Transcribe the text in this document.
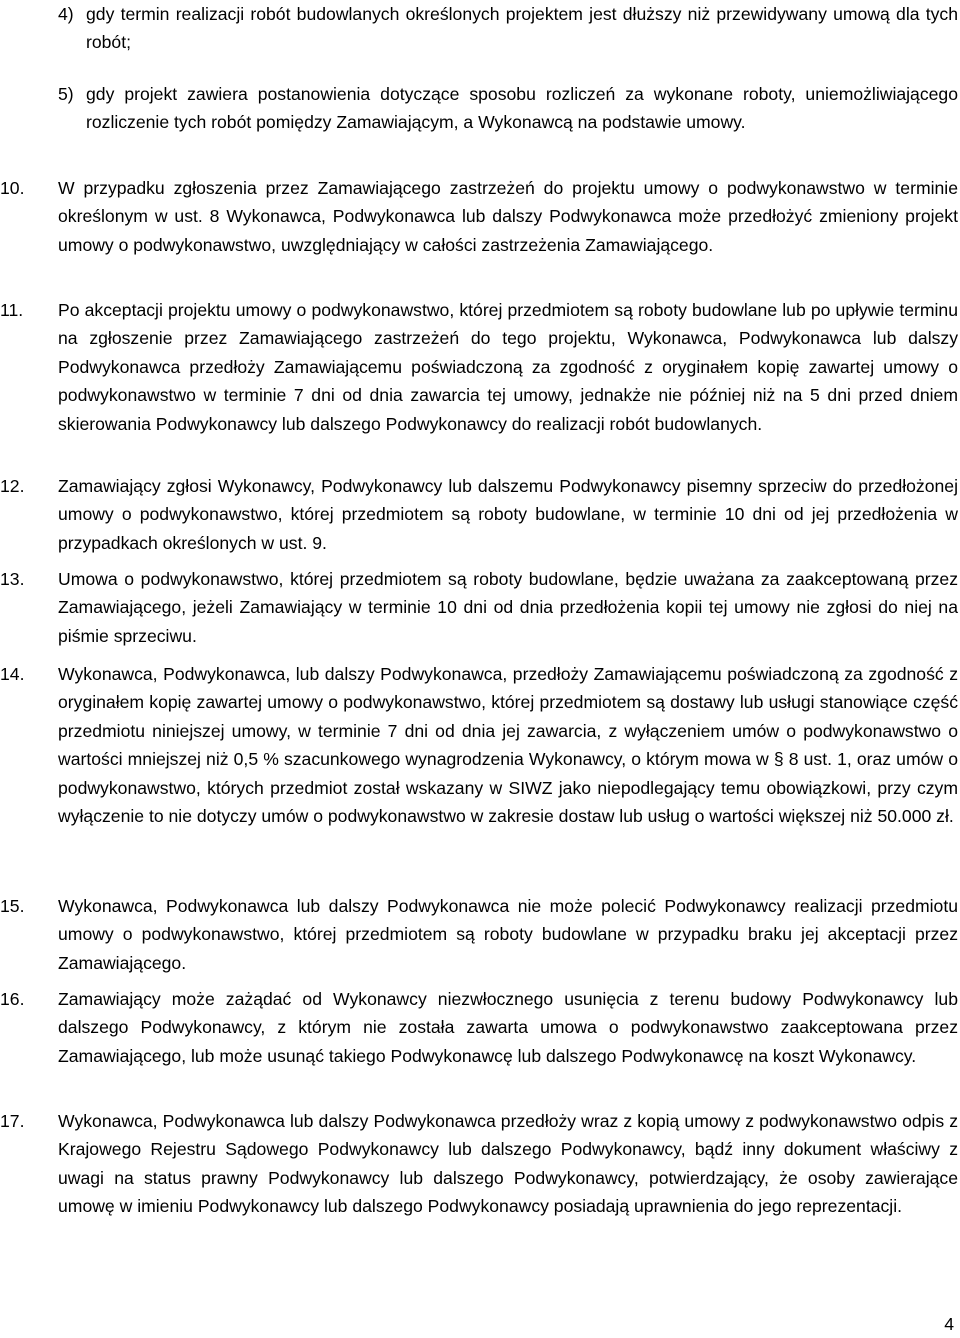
4) gdy termin realizacji robót budowlanych określonych projektem jest dłuższy niż przewidywany umową dla tych robót;
5) gdy projekt zawiera postanowienia dotyczące sposobu rozliczeń za wykonane roboty, uniemożliwiającego rozliczenie tych robót pomiędzy Zamawiającym, a Wykonawcą na podstawie umowy.
10.	W przypadku zgłoszenia przez Zamawiającego zastrzeżeń do projektu umowy o podwykonawstwo w terminie określonym w ust. 8 Wykonawca, Podwykonawca lub dalszy Podwykonawca może przedłożyć zmieniony projekt umowy o podwykonawstwo, uwzględniający w całości zastrzeżenia Zamawiającego.
11.	Po akceptacji projektu umowy o podwykonawstwo, której przedmiotem są roboty budowlane lub po upływie terminu na zgłoszenie przez Zamawiającego zastrzeżeń do tego projektu, Wykonawca, Podwykonawca lub dalszy Podwykonawca przedłoży Zamawiającemu poświadczoną za zgodność z oryginałem kopię zawartej umowy o podwykonawstwo w terminie 7 dni od dnia zawarcia tej umowy, jednakże nie później niż na 5 dni przed dniem skierowania Podwykonawcy lub dalszego Podwykonawcy do realizacji robót budowlanych.
12.	Zamawiający zgłosi Wykonawcy, Podwykonawcy lub dalszemu Podwykonawcy pisemny sprzeciw do przedłożonej umowy o podwykonawstwo, której przedmiotem są roboty budowlane, w terminie 10 dni od jej przedłożenia w przypadkach określonych w ust. 9.
13.	Umowa o podwykonawstwo, której przedmiotem są roboty budowlane, będzie uważana za zaakceptowaną przez Zamawiającego, jeżeli Zamawiający w terminie 10 dni od dnia przedłożenia kopii tej umowy nie zgłosi do niej na piśmie sprzeciwu.
14.	Wykonawca, Podwykonawca, lub dalszy Podwykonawca, przedłoży Zamawiającemu poświadczoną za zgodność z oryginałem kopię zawartej umowy o podwykonawstwo, której przedmiotem są dostawy lub usługi stanowiące część przedmiotu niniejszej umowy, w terminie 7 dni od dnia jej zawarcia, z wyłączeniem umów o podwykonawstwo o wartości mniejszej niż 0,5 % szacunkowego wynagrodzenia Wykonawcy, o którym mowa w § 8 ust. 1, oraz umów o podwykonawstwo, których przedmiot został wskazany w SIWZ jako niepodlegający temu obowiązkowi, przy czym wyłączenie to nie dotyczy umów o podwykonawstwo w zakresie dostaw lub usług o wartości większej niż 50.000 zł.
15.	Wykonawca, Podwykonawca lub dalszy Podwykonawca nie może polecić Podwykonawcy realizacji przedmiotu umowy o podwykonawstwo, której przedmiotem są roboty budowlane w przypadku braku jej akceptacji przez Zamawiającego.
16.	Zamawiający może zażądać od Wykonawcy niezwłocznego usunięcia z terenu budowy Podwykonawcy lub dalszego Podwykonawcy, z którym nie została zawarta umowa o podwykonawstwo zaakceptowana przez Zamawiającego, lub może usunąć takiego Podwykonawcę lub dalszego Podwykonawcę na koszt Wykonawcy.
17.	Wykonawca, Podwykonawca lub dalszy Podwykonawca przedłoży wraz z kopią umowy z podwykonawstwo odpis z Krajowego Rejestru Sądowego Podwykonawcy lub dalszego Podwykonawcy, bądź inny dokument właściwy z uwagi na status prawny Podwykonawcy lub dalszego Podwykonawcy, potwierdzający, że osoby zawierające umowę w imieniu Podwykonawcy lub dalszego Podwykonawcy posiadają uprawnienia do jego reprezentacji.
4
